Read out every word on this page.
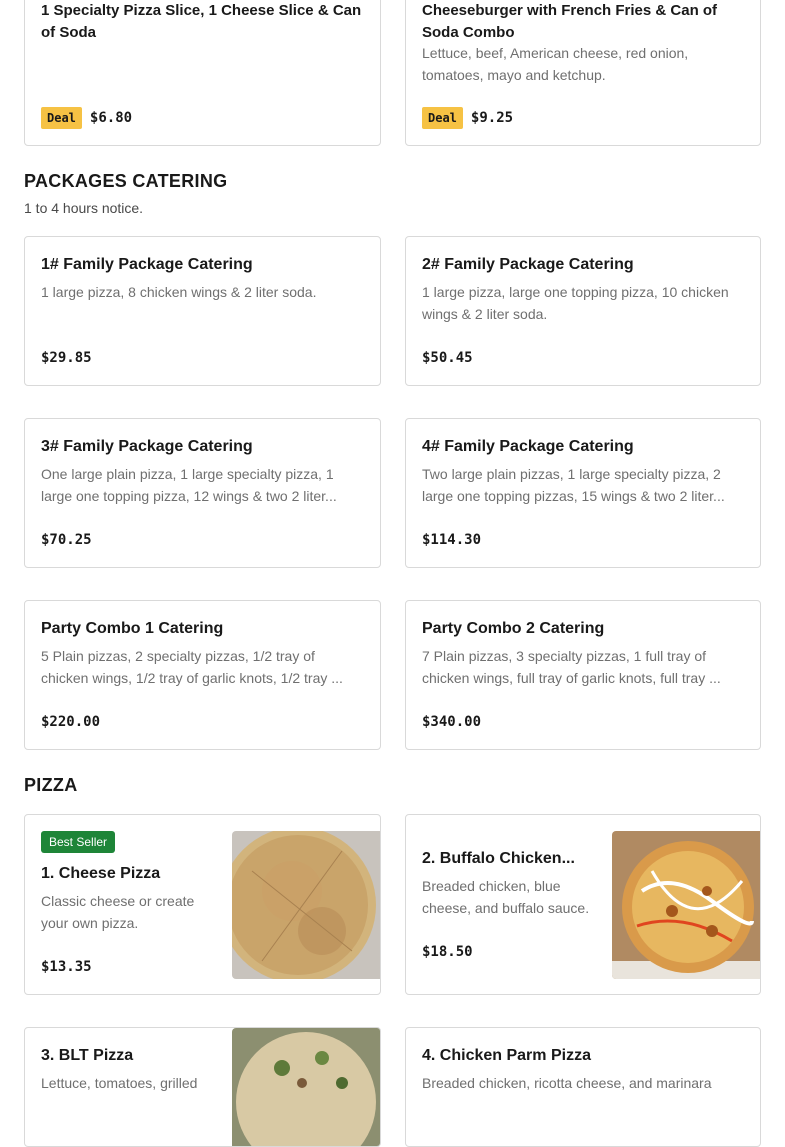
1 Specialty Pizza Slice, 1 Cheese Slice & Can of Soda
Deal $6.80
Cheeseburger with French Fries & Can of Soda Combo
Lettuce, beef, American cheese, red onion, tomatoes, mayo and ketchup.
Deal $9.25
PACKAGES CATERING
1 to 4 hours notice.
1# Family Package Catering
1 large pizza, 8 chicken wings & 2 liter soda.
$29.85
2# Family Package Catering
1 large pizza, large one topping pizza, 10 chicken wings & 2 liter soda.
$50.45
3# Family Package Catering
One large plain pizza, 1 large specialty pizza, 1 large one topping pizza, 12 wings & two 2 liter...
$70.25
4# Family Package Catering
Two large plain pizzas, 1 large specialty pizza, 2 large one topping pizzas, 15 wings & two 2 liter...
$114.30
Party Combo 1 Catering
5 Plain pizzas, 2 specialty pizzas, 1/2 tray of chicken wings, 1/2 tray of garlic knots, 1/2 tray ...
$220.00
Party Combo 2 Catering
7 Plain pizzas, 3 specialty pizzas, 1 full tray of chicken wings, full tray of garlic knots, full tray ...
$340.00
PIZZA
Best Seller
1. Cheese Pizza
Classic cheese or create your own pizza.
$13.35
2. Buffalo Chicken...
Breaded chicken, blue cheese, and buffalo sauce.
$18.50
3. BLT Pizza
Lettuce, tomatoes, grilled
4. Chicken Parm Pizza
Breaded chicken, ricotta cheese, and marinara
